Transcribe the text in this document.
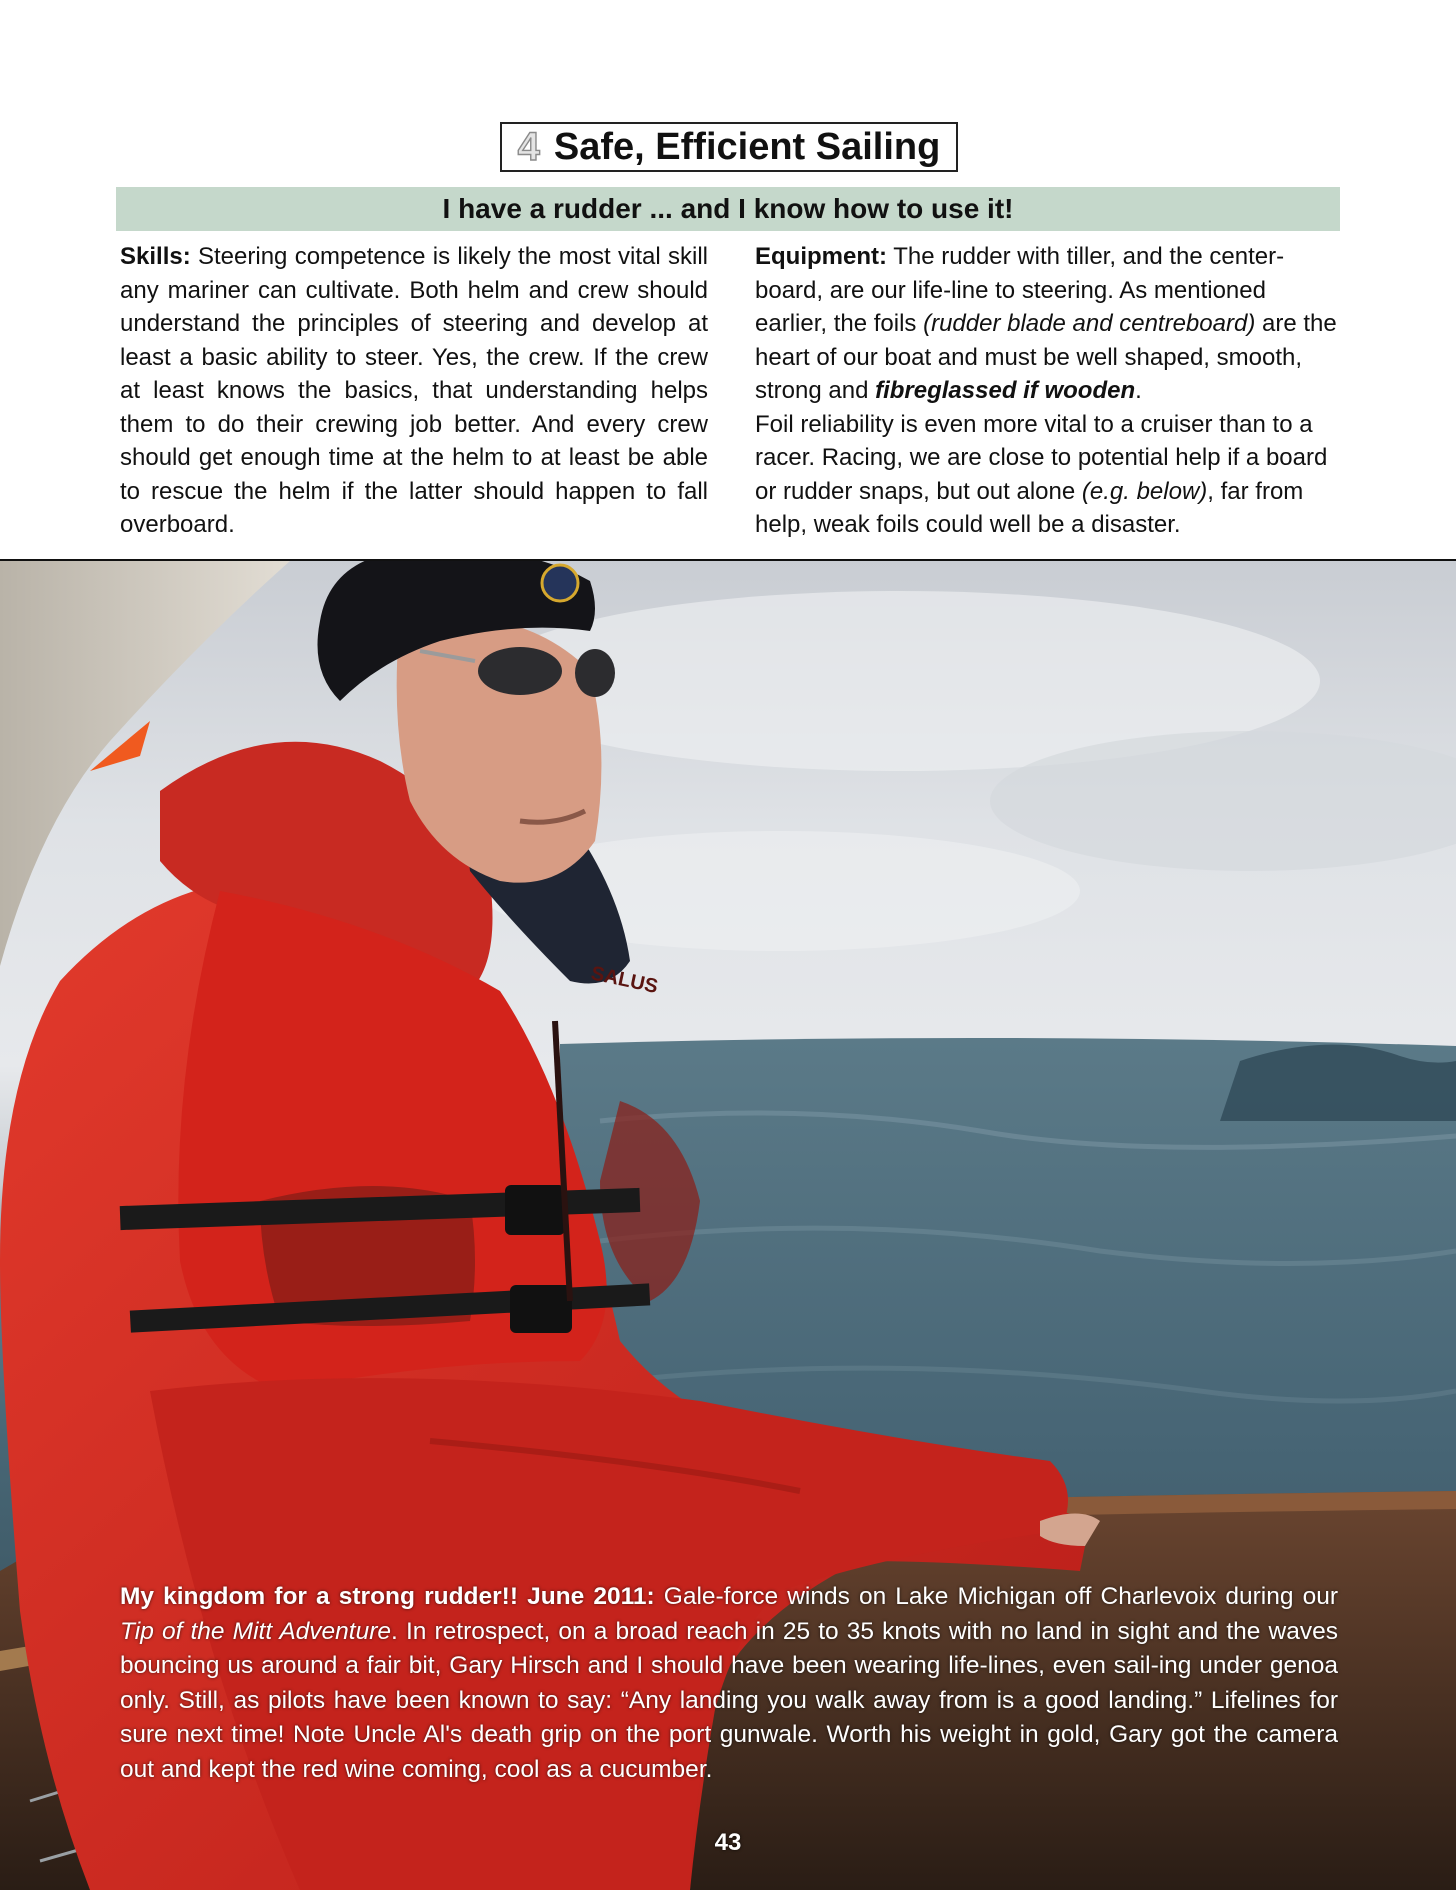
4 Safe, Efficient Sailing
I have a rudder ... and I know how to use it!
Skills: Steering competence is likely the most vital skill any mariner can cultivate. Both helm and crew should understand the principles of steering and develop at least a basic ability to steer. Yes, the crew. If the crew at least knows the basics, that understanding helps them to do their crewing job better. And every crew should get enough time at the helm to at least be able to rescue the helm if the latter should happen to fall overboard.
Equipment: The rudder with tiller, and the center-board, are our life-line to steering. As mentioned earlier, the foils (rudder blade and centreboard) are the heart of our boat and must be well shaped, smooth, strong and fibreglassed if wooden.
Foil reliability is even more vital to a cruiser than to a racer. Racing, we are close to potential help if a board or rudder snaps, but out alone (e.g. below), far from help, weak foils could well be a disaster.
SALUS
My kingdom for a strong rudder!! June 2011: Gale-force winds on Lake Michigan off Charlevoix during our Tip of the Mitt Adventure. In retrospect, on a broad reach in 25 to 35 knots with no land in sight and the waves bouncing us around a fair bit, Gary Hirsch and I should have been wearing life-lines, even sail-ing under genoa only. Still, as pilots have been known to say: “Any landing you walk away from is a good landing.” Lifelines for sure next time! Note Uncle Al's death grip on the port gunwale. Worth his weight in gold, Gary got the camera out and kept the red wine coming, cool as a cucumber.
43
